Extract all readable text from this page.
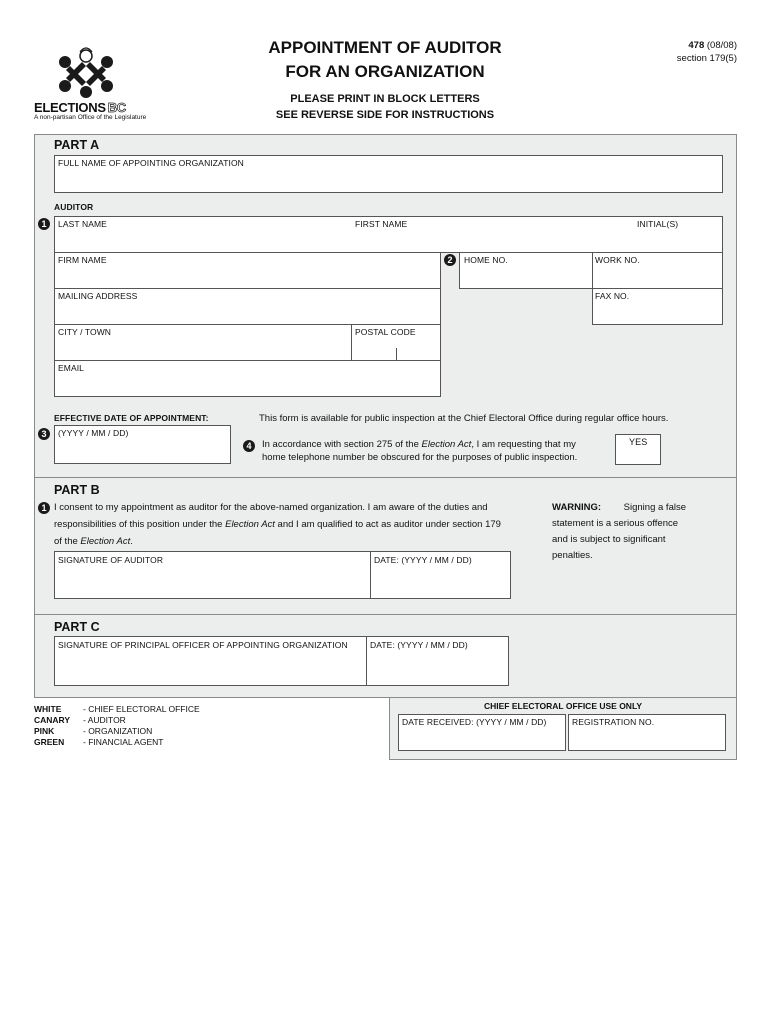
ELECTIONS BC
A non-partisan Office of the Legislature
APPOINTMENT OF AUDITOR
FOR AN ORGANIZATION
PLEASE PRINT IN BLOCK LETTERS
SEE REVERSE SIDE FOR INSTRUCTIONS
478 (08/08)
section 179(5)
PART A
FULL NAME OF APPOINTING ORGANIZATION
AUDITOR
1	LAST NAME	FIRST NAME	INITIAL(S)
FIRM NAME	2	HOME NO.	WORK NO.
MAILING ADDRESS	FAX NO.
CITY / TOWN	POSTAL CODE
EMAIL
EFFECTIVE DATE OF APPOINTMENT:
3	(YYYY / MM / DD)
This form is available for public inspection at the Chief Electoral Office during regular office hours.
4	In accordance with section 275 of the Election Act, I am requesting that my
home telephone number be obscured for the purposes of public inspection.
YES
PART B
1 I consent to my appointment as auditor for the above-named organization. I am aware of the duties and
responsibilities of this position under the Election Act and I am qualified to act as auditor under section 179
of the Election Act.
WARNING: Signing a false
statement is a serious offence
and is subject to significant
penalties.
SIGNATURE OF AUDITOR	DATE: (YYYY / MM / DD)
PART C
SIGNATURE OF PRINCIPAL OFFICER OF APPOINTING ORGANIZATION	DATE: (YYYY / MM / DD)
WHITE	- CHIEF ELECTORAL OFFICE
CANARY - AUDITOR
PINK	- ORGANIZATION
GREEN - FINANCIAL AGENT
CHIEF ELECTORAL OFFICE USE ONLY
DATE RECEIVED: (YYYY / MM / DD)	REGISTRATION NO.
